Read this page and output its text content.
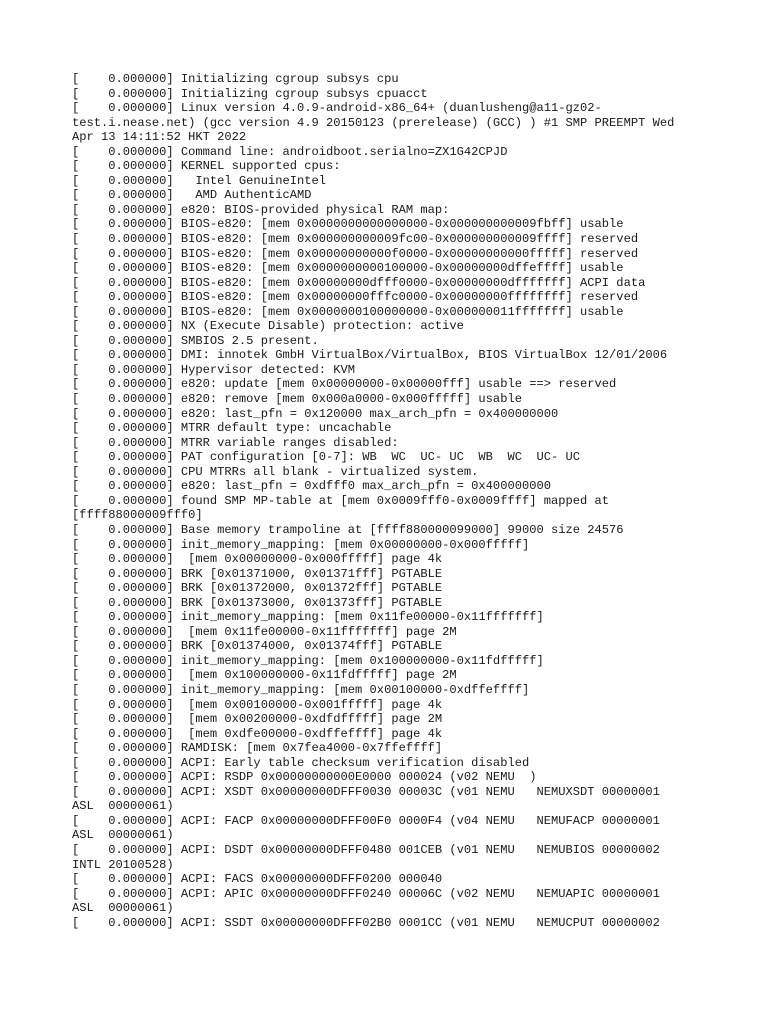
[    0.000000] Initializing cgroup subsys cpu
[    0.000000] Initializing cgroup subsys cpuacct
[    0.000000] Linux version 4.0.9-android-x86_64+ (duanlusheng@a11-gz02-
test.i.nease.net) (gcc version 4.9 20150123 (prerelease) (GCC) ) #1 SMP PREEMPT Wed
Apr 13 14:11:52 HKT 2022
[    0.000000] Command line: androidboot.serialno=ZX1G42CPJD
[    0.000000] KERNEL supported cpus:
[    0.000000]   Intel GenuineIntel
[    0.000000]   AMD AuthenticAMD
[    0.000000] e820: BIOS-provided physical RAM map:
[    0.000000] BIOS-e820: [mem 0x0000000000000000-0x000000000009fbff] usable
[    0.000000] BIOS-e820: [mem 0x000000000009fc00-0x000000000009ffff] reserved
[    0.000000] BIOS-e820: [mem 0x00000000000f0000-0x00000000000fffff] reserved
[    0.000000] BIOS-e820: [mem 0x0000000000100000-0x00000000dffeffff] usable
[    0.000000] BIOS-e820: [mem 0x00000000dfff0000-0x00000000dfffffff] ACPI data
[    0.000000] BIOS-e820: [mem 0x00000000fffc0000-0x00000000ffffffff] reserved
[    0.000000] BIOS-e820: [mem 0x0000000100000000-0x000000011fffffff] usable
[    0.000000] NX (Execute Disable) protection: active
[    0.000000] SMBIOS 2.5 present.
[    0.000000] DMI: innotek GmbH VirtualBox/VirtualBox, BIOS VirtualBox 12/01/2006
[    0.000000] Hypervisor detected: KVM
[    0.000000] e820: update [mem 0x00000000-0x00000fff] usable ==> reserved
[    0.000000] e820: remove [mem 0x000a0000-0x000fffff] usable
[    0.000000] e820: last_pfn = 0x120000 max_arch_pfn = 0x400000000
[    0.000000] MTRR default type: uncachable
[    0.000000] MTRR variable ranges disabled:
[    0.000000] PAT configuration [0-7]: WB  WC  UC- UC  WB  WC  UC- UC
[    0.000000] CPU MTRRs all blank - virtualized system.
[    0.000000] e820: last_pfn = 0xdfff0 max_arch_pfn = 0x400000000
[    0.000000] found SMP MP-table at [mem 0x0009fff0-0x0009ffff] mapped at
[ffff88000009fff0]
[    0.000000] Base memory trampoline at [ffff880000099000] 99000 size 24576
[    0.000000] init_memory_mapping: [mem 0x00000000-0x000fffff]
[    0.000000]  [mem 0x00000000-0x000fffff] page 4k
[    0.000000] BRK [0x01371000, 0x01371fff] PGTABLE
[    0.000000] BRK [0x01372000, 0x01372fff] PGTABLE
[    0.000000] BRK [0x01373000, 0x01373fff] PGTABLE
[    0.000000] init_memory_mapping: [mem 0x11fe00000-0x11fffffff]
[    0.000000]  [mem 0x11fe00000-0x11fffffff] page 2M
[    0.000000] BRK [0x01374000, 0x01374fff] PGTABLE
[    0.000000] init_memory_mapping: [mem 0x100000000-0x11fdfffff]
[    0.000000]  [mem 0x100000000-0x11fdfffff] page 2M
[    0.000000] init_memory_mapping: [mem 0x00100000-0xdffeffff]
[    0.000000]  [mem 0x00100000-0x001fffff] page 4k
[    0.000000]  [mem 0x00200000-0xdfdfffff] page 2M
[    0.000000]  [mem 0xdfe00000-0xdffeffff] page 4k
[    0.000000] RAMDISK: [mem 0x7fea4000-0x7ffeffff]
[    0.000000] ACPI: Early table checksum verification disabled
[    0.000000] ACPI: RSDP 0x00000000000E0000 000024 (v02 NEMU  )
[    0.000000] ACPI: XSDT 0x00000000DFFF0030 00003C (v01 NEMU   NEMUXSDT 00000001
ASL  00000061)
[    0.000000] ACPI: FACP 0x00000000DFFF00F0 0000F4 (v04 NEMU   NEMUFACP 00000001
ASL  00000061)
[    0.000000] ACPI: DSDT 0x00000000DFFF0480 001CEB (v01 NEMU   NEMUBIOS 00000002
INTL 20100528)
[    0.000000] ACPI: FACS 0x00000000DFFF0200 000040
[    0.000000] ACPI: APIC 0x00000000DFFF0240 00006C (v02 NEMU   NEMUAPIC 00000001
ASL  00000061)
[    0.000000] ACPI: SSDT 0x00000000DFFF02B0 0001CC (v01 NEMU   NEMUCPUT 00000002
